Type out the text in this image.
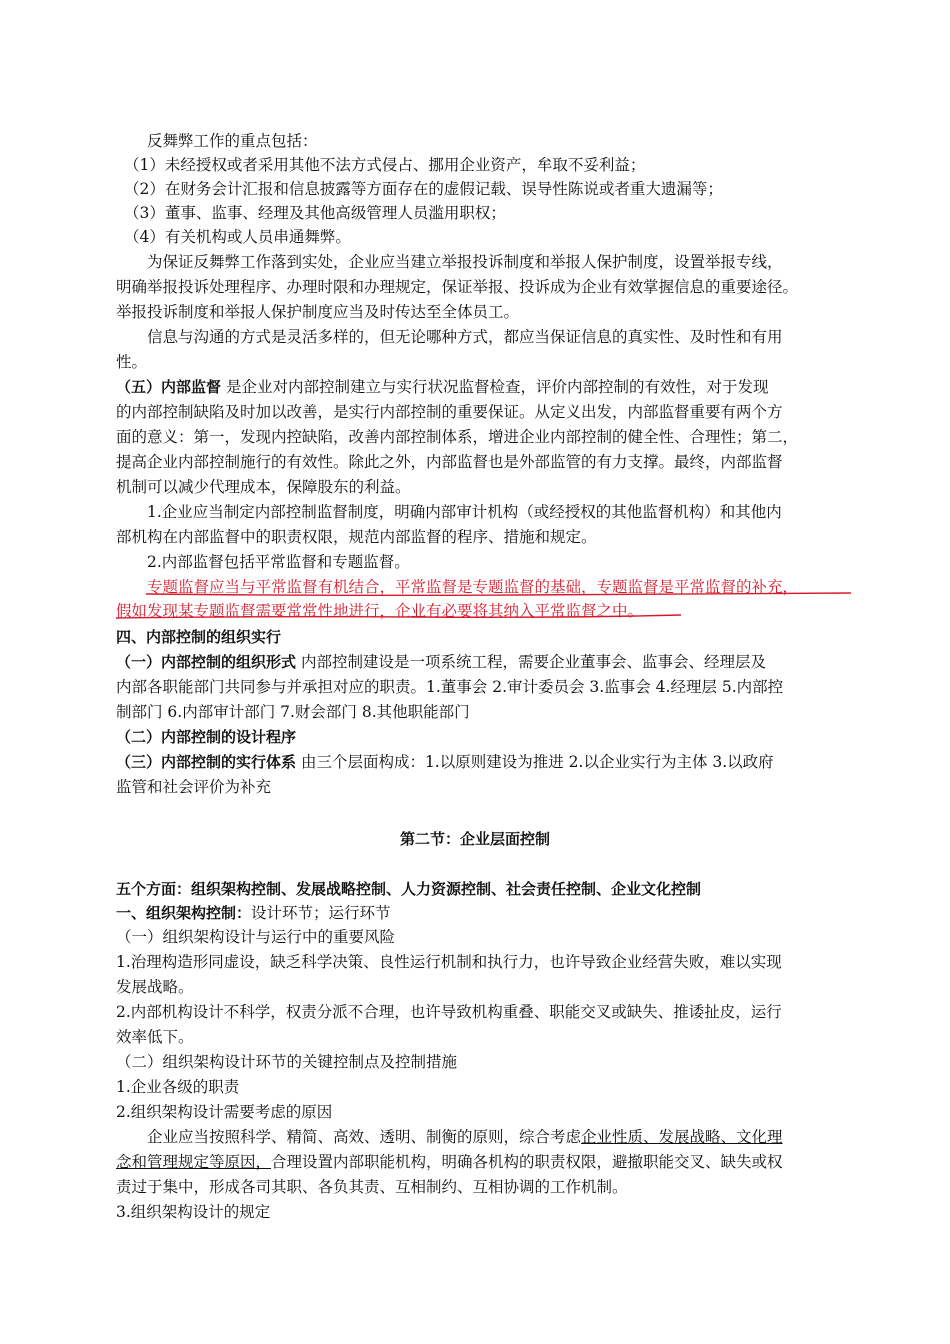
反舞弊工作的重点包括：
（1）未经授权或者采用其他不法方式侵占、挪用企业资产，牟取不妥利益；
（2）在财务会计汇报和信息披露等方面存在的虚假记载、误导性陈说或者重大遗漏等；
（3）董事、监事、经理及其他高级管理人员滥用职权；
（4）有关机构或人员串通舞弊。
为保证反舞弊工作落到实处，企业应当建立举报投诉制度和举报人保护制度，设置举报专线，
明确举报投诉处理程序、办理时限和办理规定，保证举报、投诉成为企业有效掌握信息的重要途径。
举报投诉制度和举报人保护制度应当及时传达至全体员工。
信息与沟通的方式是灵活多样的，但无论哪种方式，都应当保证信息的真实性、及时性和有用
性。
（五）内部监督 是企业对内部控制建立与实行状况监督检查，评价内部控制的有效性，对于发现
的内部控制缺陷及时加以改善，是实行内部控制的重要保证。从定义出发，内部监督重要有两个方
面的意义：第一，发现内控缺陷，改善内部控制体系，增进企业内部控制的健全性、合理性；第二，
提高企业内部控制施行的有效性。除此之外，内部监督也是外部监管的有力支撑。最终，内部监督
机制可以减少代理成本，保障股东的利益。
1.企业应当制定内部控制监督制度，明确内部审计机构（或经授权的其他监督机构）和其他内
部机构在内部监督中的职责权限，规范内部监督的程序、措施和规定。
2.内部监督包括平常监督和专题监督。
专题监督应当与平常监督有机结合，平常监督是专题监督的基础，专题监督是平常监督的补充，
假如发现某专题监督需要常常性地进行，企业有必要将其纳入平常监督之中。
四、内部控制的组织实行
（一）内部控制的组织形式 内部控制建设是一项系统工程，需要企业董事会、监事会、经理层及
内部各职能部门共同参与并承担对应的职责。1.董事会 2.审计委员会 3.监事会 4.经理层 5.内部控
制部门 6.内部审计部门 7.财会部门 8.其他职能部门
（二）内部控制的设计程序
（三）内部控制的实行体系 由三个层面构成：1.以原则建设为推进 2.以企业实行为主体 3.以政府
监管和社会评价为补充
第二节：企业层面控制
五个方面：组织架构控制、发展战略控制、人力资源控制、社会责任控制、企业文化控制
一、组织架构控制：设计环节；运行环节
（一）组织架构设计与运行中的重要风险
1.治理构造形同虚设，缺乏科学决策、良性运行机制和执行力，也许导致企业经营失败，难以实现
发展战略。
2.内部机构设计不科学，权责分派不合理，也许导致机构重叠、职能交叉或缺失、推诿扯皮，运行
效率低下。
（二）组织架构设计环节的关键控制点及控制措施
1.企业各级的职责
2.组织架构设计需要考虑的原因
企业应当按照科学、精简、高效、透明、制衡的原则，综合考虑企业性质、发展战略、文化理
念和管理规定等原因，合理设置内部职能机构，明确各机构的职责权限，避撤职能交叉、缺失或权
责过于集中，形成各司其职、各负其责、互相制约、互相协调的工作机制。
3.组织架构设计的规定
